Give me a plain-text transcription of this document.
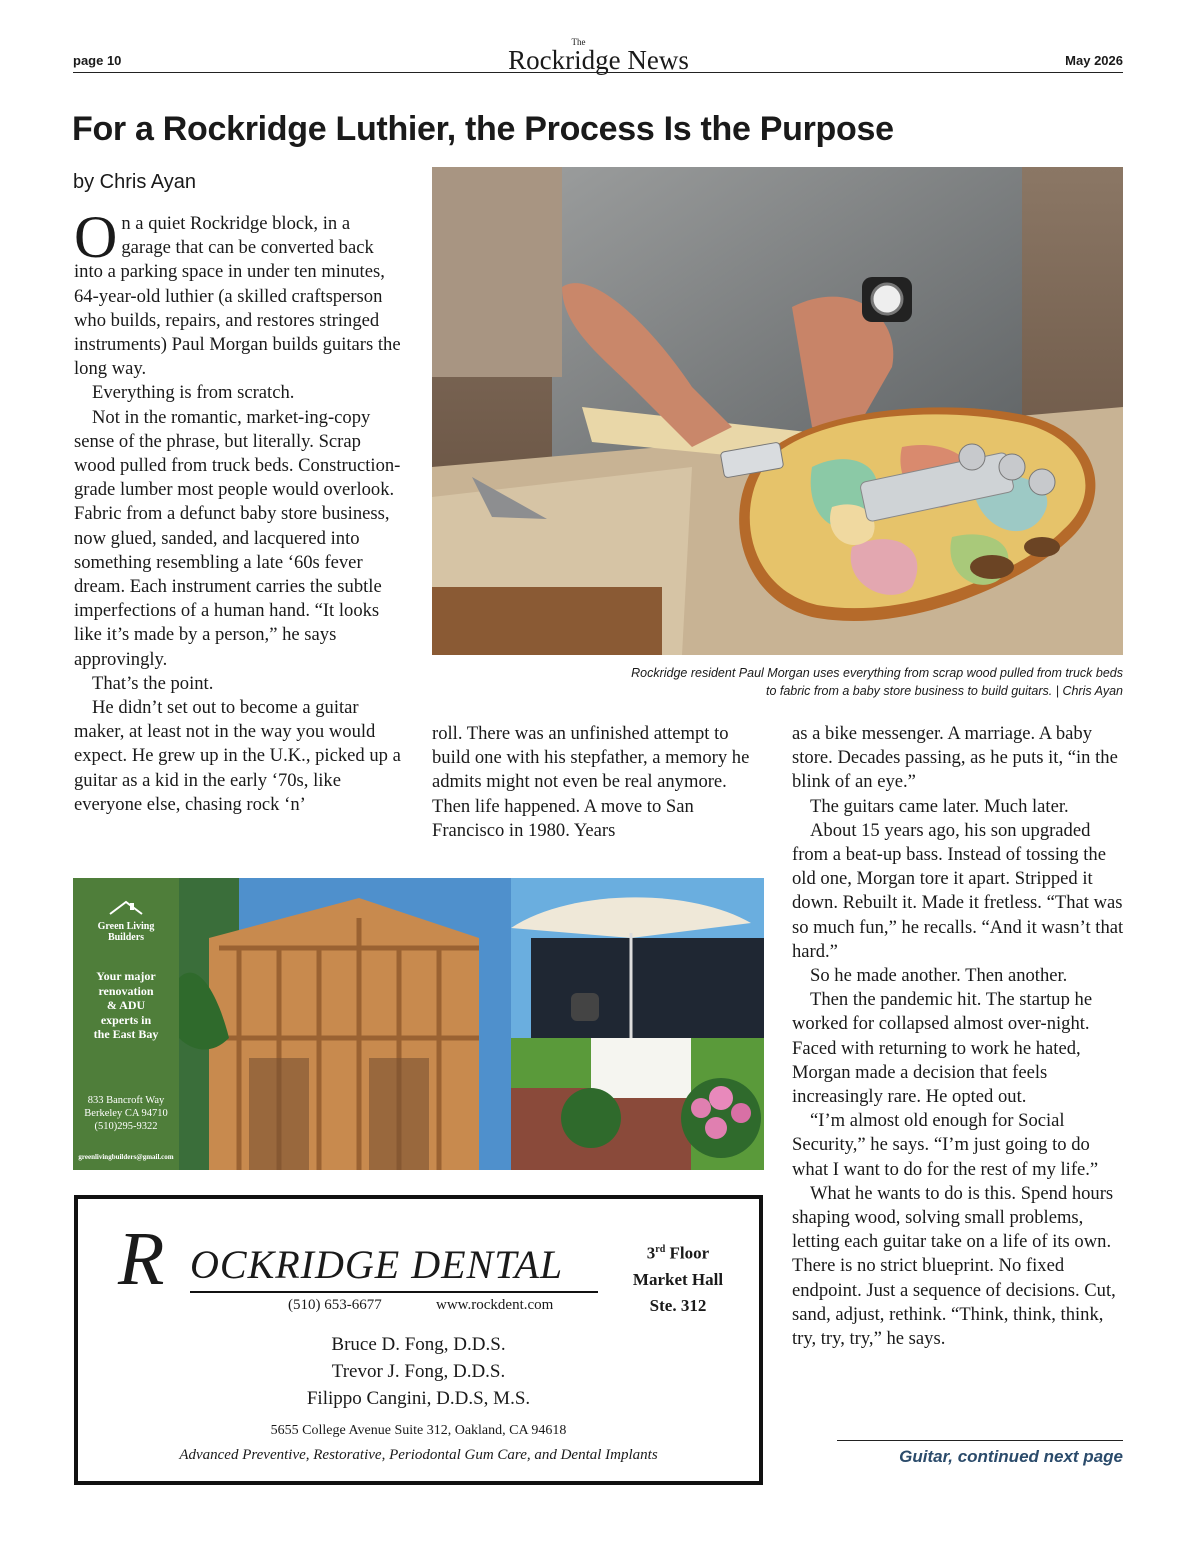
page 10
The
Rockridge News	May 2026
For a Rockridge Luthier, the Process Is the Purpose
by Chris Ayan

On a quiet Rockridge block, in a garage that can be converted back into a parking space in under ten minutes, 64-year-old luthier (a skilled craftsperson who builds, repairs, and restores stringed instruments) Paul Morgan builds guitars the long way.

Everything is from scratch.

Not in the romantic, market-ing-copy sense of the phrase, but literally. Scrap wood pulled from truck beds. Construction-grade lumber most people would overlook. Fabric from a defunct baby store business, now glued, sanded, and lacquered into something resembling a late ‘60s fever dream. Each instrument carries the subtle imperfections of a human hand. “It looks like it’s made by a person,” he says approvingly.

That’s the point.

He didn’t set out to become a guitar maker, at least not in the way you would expect. He grew up in the U.K., picked up a guitar as a kid in the early ‘70s, like everyone else, chasing rock ‘n’

Rockridge resident Paul Morgan uses everything from scrap wood pulled from truck beds
to fabric from a baby store business to build guitars. | Chris Ayan

roll. There was an unfinished attempt to build one with his stepfather, a memory he admits might not even be real anymore. Then life happened. A move to San Francisco in 1980. Years

as a bike messenger. A marriage. A baby store. Decades passing, as he puts it, “in the blink of an eye.”

The guitars came later. Much later.

About 15 years ago, his son upgraded from a beat-up bass. Instead of tossing the old one, Morgan tore it apart. Stripped it down. Rebuilt it. Made it fretless. “That was so much fun,” he recalls. “And it wasn’t that hard.”

So he made another. Then another.

Then the pandemic hit. The startup he worked for collapsed almost over-night. Faced with returning to work he hated, Morgan made a decision that feels increasingly rare. He opted out.

“I’m almost old enough for Social Security,” he says. “I’m just going to do what I want to do for the rest of my life.”

What he wants to do is this. Spend hours shaping wood, solving small problems, letting each guitar take on a life of its own. There is no strict blueprint. No fixed endpoint. Just a sequence of decisions. Cut, sand, adjust, rethink. “Think, think, think, try, try, try,” he says.

Green Living
Builders
Your major
renovation
& ADU
experts in
the East Bay
833 Bancroft Way
Berkeley CA 94710
(510)295-9322
greenlivingbuilders@gmail.com
greenlivingbuilders.com
R OCKRIDGE DENTAL
(510) 653-6677	www.rockdent.com
3rd Floor
Market Hall
Ste. 312
Bruce D. Fong, D.D.S.
Trevor J. Fong, D.D.S.
Filippo Cangini, D.D.S, M.S.
5655 College Avenue Suite 312, Oakland, CA 94618
Advanced Preventive, Restorative, Periodontal Gum Care, and Dental Implants	Guitar, continued next page
